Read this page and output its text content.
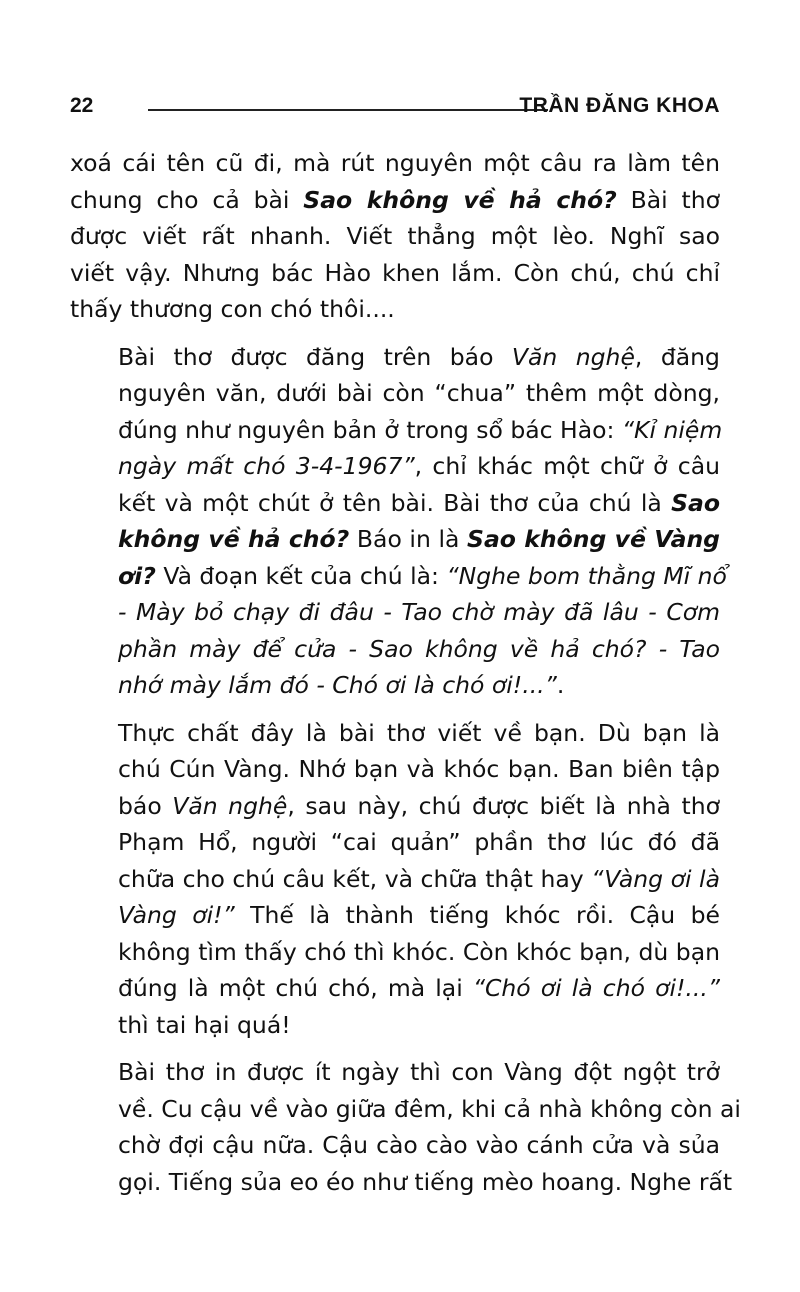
22	TRẦN ĐĂNG KHOA
xoá cái tên cũ đi, mà rút nguyên một câu ra làm tên
chung cho cả bài Sao không về hả chó? Bài thơ
được viết rất nhanh. Viết thẳng một lèo. Nghĩ sao
viết vậy. Nhưng bác Hào khen lắm. Còn chú, chú chỉ
thấy thương con chó thôi....
Bài thơ được đăng trên báo Văn nghệ, đăng
nguyên văn, dưới bài còn “chua” thêm một dòng,
đúng như nguyên bản ở trong sổ bác Hào: “Kỉ niệm
ngày mất chó 3-4-1967”, chỉ khác một chữ ở câu
kết và một chút ở tên bài. Bài thơ của chú là Sao
không về hả chó? Báo in là Sao không về Vàng
ơi? Và đoạn kết của chú là: “Nghe bom thằng Mĩ nổ
- Mày bỏ chạy đi đâu - Tao chờ mày đã lâu - Cơm
phần mày để cửa - Sao không về hả chó? - Tao
nhớ mày lắm đó - Chó ơi là chó ơi!...”.
Thực chất đây là bài thơ viết về bạn. Dù bạn là
chú Cún Vàng. Nhớ bạn và khóc bạn. Ban biên tập
báo Văn nghệ, sau này, chú được biết là nhà thơ
Phạm Hổ, người “cai quản” phần thơ lúc đó đã
chữa cho chú câu kết, và chữa thật hay “Vàng ơi là
Vàng ơi!” Thế là thành tiếng khóc rồi. Cậu bé
không tìm thấy chó thì khóc. Còn khóc bạn, dù bạn
đúng là một chú chó, mà lại “Chó ơi là chó ơi!...”
thì tai hại quá!
Bài thơ in được ít ngày thì con Vàng đột ngột trở
về. Cu cậu về vào giữa đêm, khi cả nhà không còn ai
chờ đợi cậu nữa. Cậu cào cào vào cánh cửa và sủa
gọi. Tiếng sủa eo éo như tiếng mèo hoang. Nghe rất
